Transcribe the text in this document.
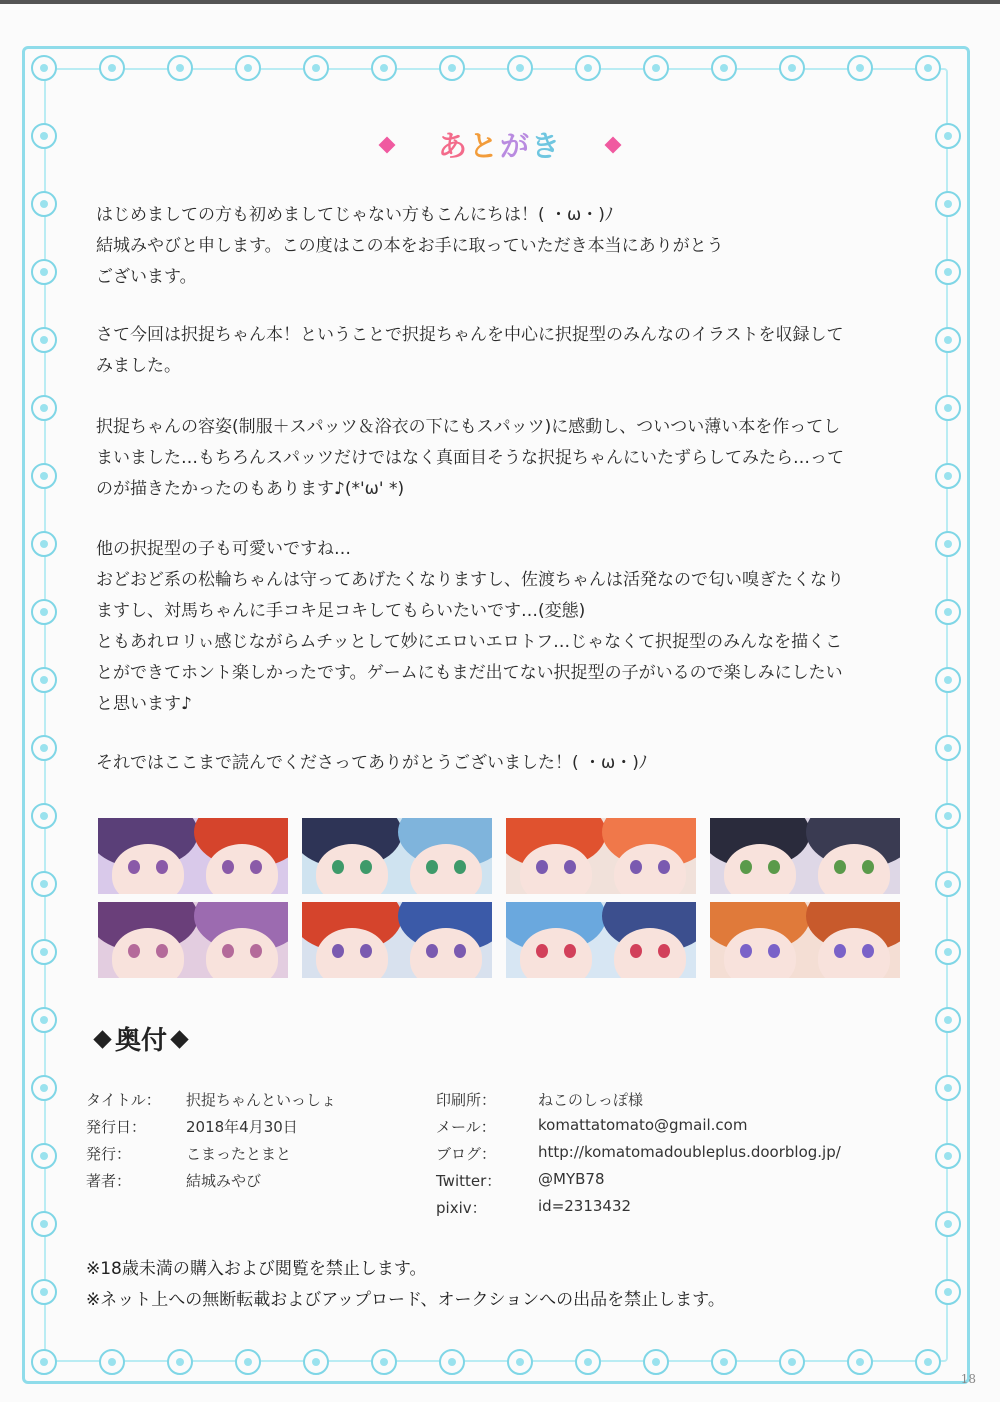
あとがき

はじめましての方も初めましてじゃない方もこんにちは！( ・ω・)ﾉ

結城みやびと申します。この度はこの本をお手に取っていただき本当にありがとう

ございます。

さて今回は択捉ちゃん本！ということで択捉ちゃんを中心に択捉型のみんなのイラストを収録して

みました。

択捉ちゃんの容姿(制服＋スパッツ＆浴衣の下にもスパッツ)に感動し、ついつい薄い本を作ってし

まいました…もちろんスパッツだけではなく真面目そうな択捉ちゃんにいたずらしてみたら…って

のが描きたかったのもあります♪(*'ω' *)

他の択捉型の子も可愛いですね…

おどおど系の松輪ちゃんは守ってあげたくなりますし、佐渡ちゃんは活発なので匂い嗅ぎたくなり

ますし、対馬ちゃんに手コキ足コキしてもらいたいです…(変態)

ともあれロリぃ感じながらムチッとして妙にエロいエロトフ…じゃなくて択捉型のみんなを描くこ

とができてホント楽しかったです。ゲームにもまだ出てない択捉型の子がいるので楽しみにしたい

と思います♪

それではここまで読んでくださってありがとうございました！( ・ω・)ﾉ

奥付
タイトル： 択捉ちゃんといっしょ
発行日：	2018年4月30日
発行：	こまったとまと
著者：	結城みやび
印刷所：	ねこのしっぽ様
メール：	komattatomato@gmail.com
ブログ：	http://komatomadoubleplus.doorblog.jp/
Twitter： @MYB78
pixiv：	id=2313432
※18歳未満の購入および閲覧を禁止します。
※ネット上への無断転載およびアップロード、オークションへの出品を禁止します。
18
